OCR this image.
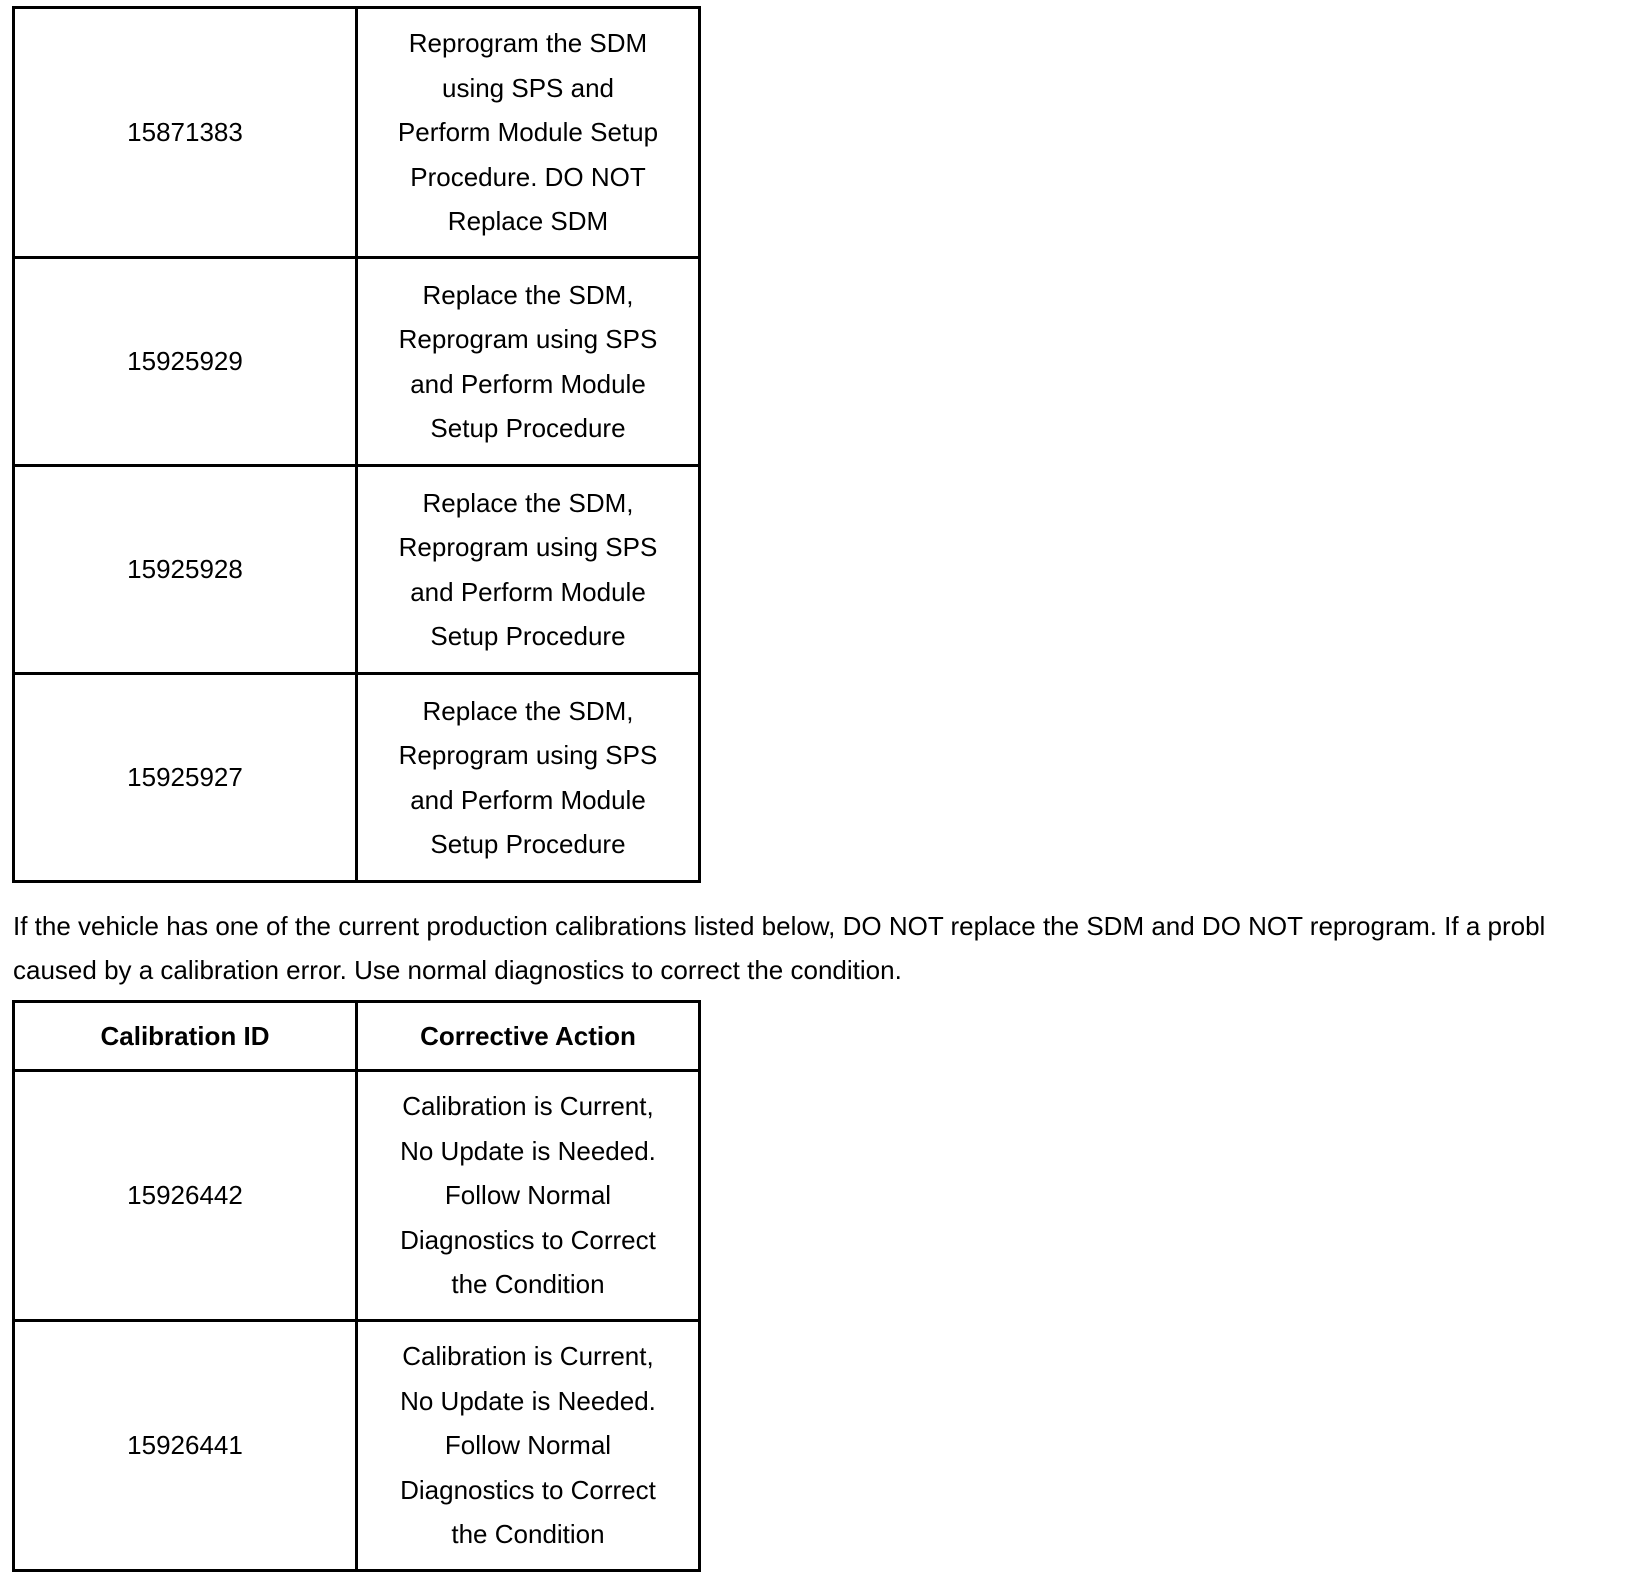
15871383	Reprogram the SDM
using SPS and
Perform Module Setup
Procedure. DO NOT
Replace SDM
15925929	Replace the SDM,
Reprogram using SPS
and Perform Module
Setup Procedure
15925928	Replace the SDM,
Reprogram using SPS
and Perform Module
Setup Procedure
15925927	Replace the SDM,
Reprogram using SPS
and Perform Module
Setup Procedure
If the vehicle has one of the current production calibrations listed below, DO NOT replace the SDM and DO NOT reprogram. If a probl
caused by a calibration error. Use normal diagnostics to correct the condition.
Calibration ID	Corrective Action
15926442	Calibration is Current,
No Update is Needed.
Follow Normal
Diagnostics to Correct
the Condition
15926441	Calibration is Current,
No Update is Needed.
Follow Normal
Diagnostics to Correct
the Condition
